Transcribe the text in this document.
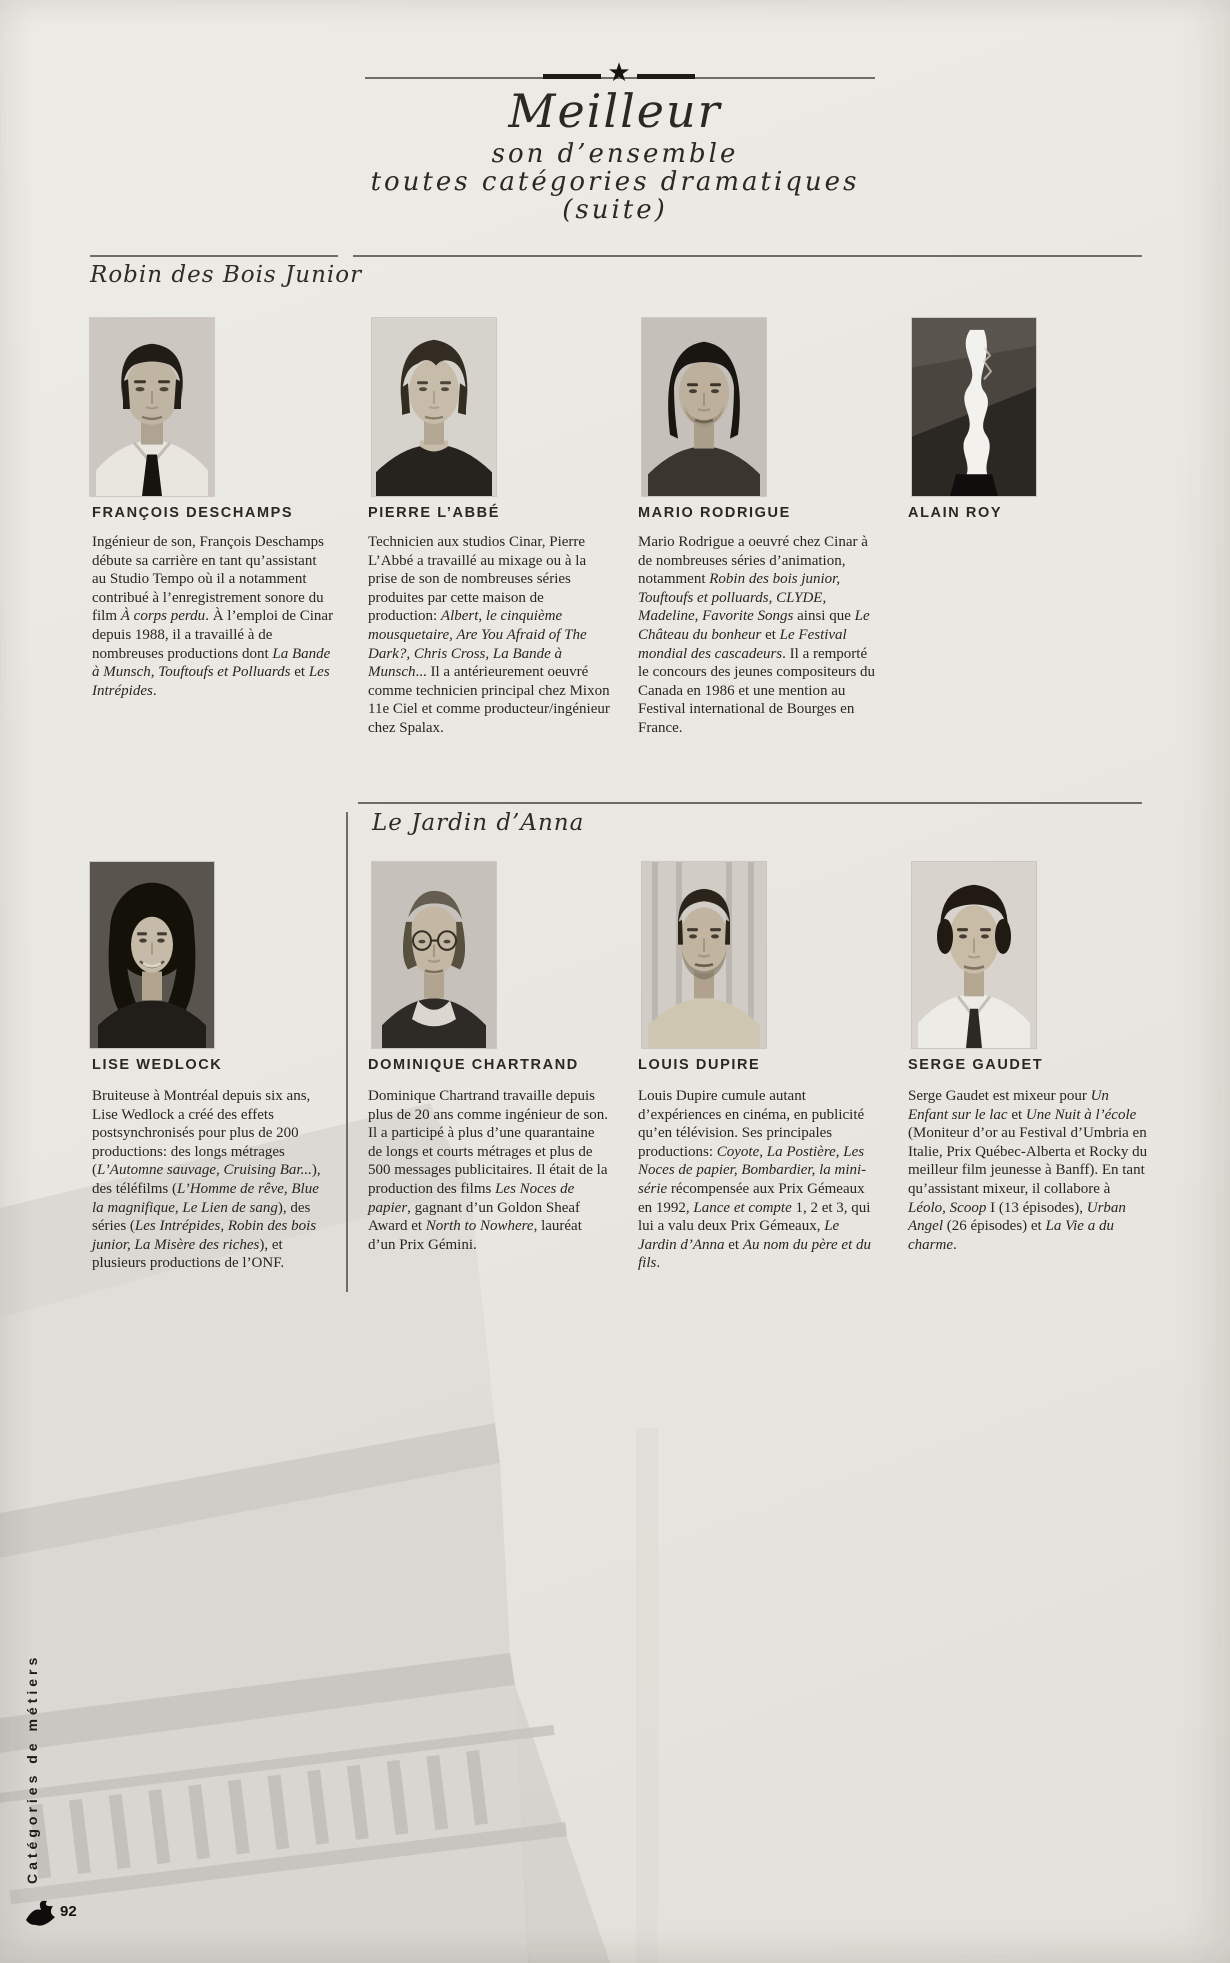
★
Meilleur
son d’ensemble
toutes catégories dramatiques
(suite)
Robin des Bois Junior
FRANÇOIS DESCHAMPS	PIERRE L’ABBÉ	MARIO RODRIGUE	ALAIN ROY

Ingénieur de son, François Deschamps débute sa carrière en tant qu’assistant au Studio Tempo où il a notamment contribué à l’enregistrement sonore du film À corps perdu. À l’emploi de Cinar depuis 1988, il a travaillé à de nombreuses productions dont La Bande à Munsch, Touftoufs et Polluards et Les Intrépides.

Technicien aux studios Cinar, Pierre L’Abbé a travaillé au mixage ou à la prise de son de nombreuses séries produites par cette maison de production: Albert, le cinquième mousquetaire, Are You Afraid of The Dark?, Chris Cross, La Bande à Munsch... Il a antérieurement oeuvré comme technicien principal chez Mixon 11e Ciel et comme producteur/ingénieur chez Spalax.

Mario Rodrigue a oeuvré chez Cinar à de nombreuses séries d’animation, notamment Robin des bois junior, Touftoufs et polluards, CLYDE, Madeline, Favorite Songs ainsi que Le Château du bonheur et Le Festival mondial des cascadeurs. Il a remporté le concours des jeunes compositeurs du Canada en 1986 et une mention au Festival international de Bourges en France.

Le Jardin d’Anna
LISE WEDLOCK	DOMINIQUE CHARTRAND	LOUIS DUPIRE	SERGE GAUDET

Bruiteuse à Montréal depuis six ans, Lise Wedlock a créé des effets postsynchronisés pour plus de 200 productions: des longs métrages (L’Automne sauvage, Cruising Bar...), des téléfilms (L’Homme de rêve, Blue la magnifique, Le Lien de sang), des séries (Les Intrépides, Robin des bois junior, La Misère des riches), et plusieurs productions de l’ONF.

Dominique Chartrand travaille depuis plus de 20 ans comme ingénieur de son. Il a participé à plus d’une quarantaine de longs et courts métrages et plus de 500 messages publicitaires. Il était de la production des films Les Noces de papier, gagnant d’un Goldon Sheaf Award et North to Nowhere, lauréat d’un Prix Gémini.

Louis Dupire cumule autant d’expériences en cinéma, en publicité qu’en télévision. Ses principales productions: Coyote, La Postière, Les Noces de papier, Bombardier, la mini-série récompensée aux Prix Gémeaux en 1992, Lance et compte 1, 2 et 3, qui lui a valu deux Prix Gémeaux, Le Jardin d’Anna et Au nom du père et du fils.

Serge Gaudet est mixeur pour Un Enfant sur le lac et Une Nuit à l’école (Moniteur d’or au Festival d’Umbria en Italie, Prix Québec-Alberta et Rocky du meilleur film jeunesse à Banff). En tant qu’assistant mixeur, il collabore à Léolo, Scoop I (13 épisodes), Urban Angel (26 épisodes) et La Vie a du charme.

Catégories de métiers
92
